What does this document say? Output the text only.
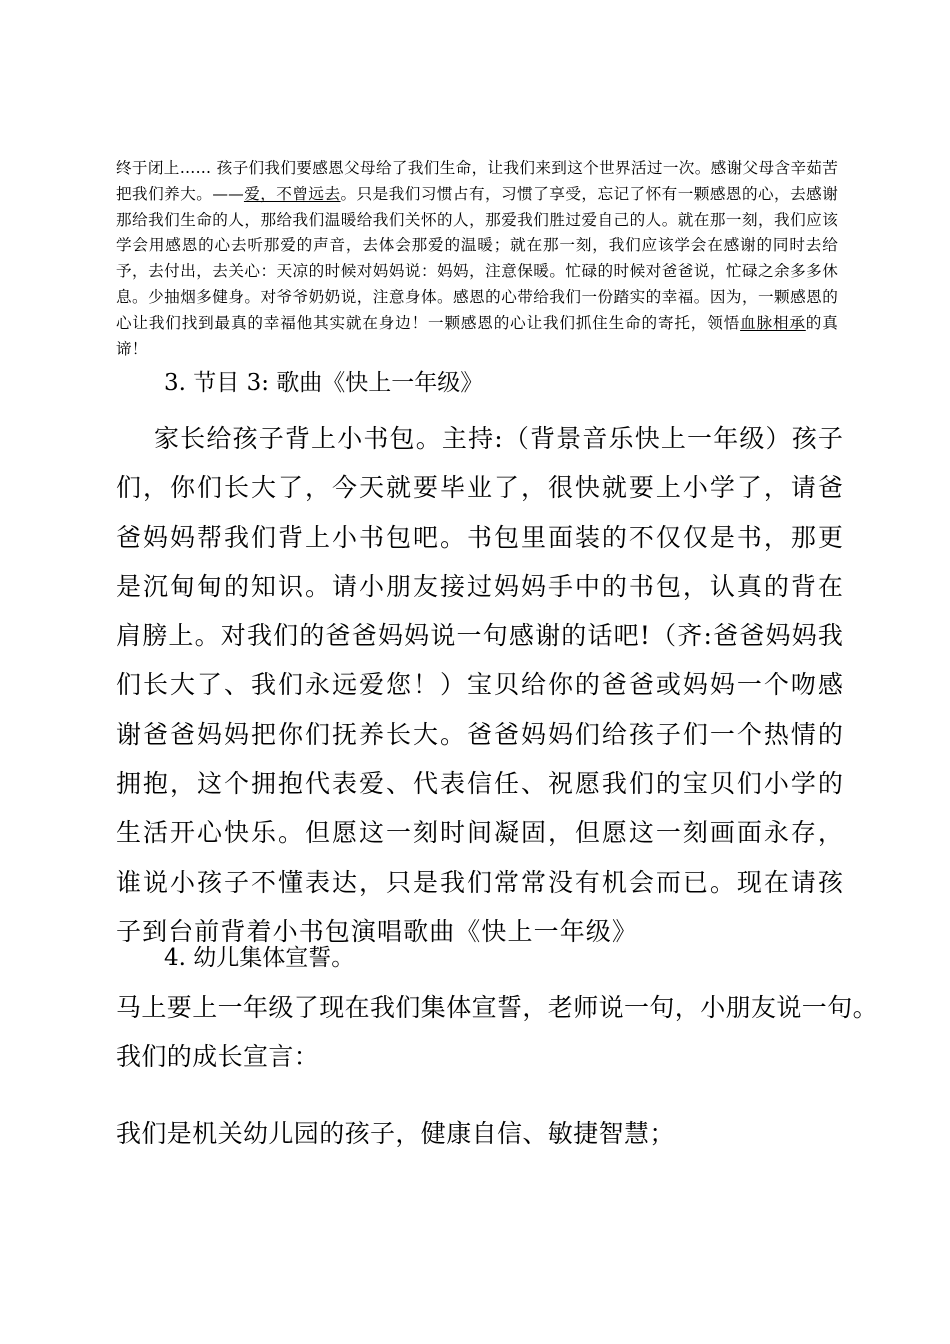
终于闭上…… 孩子们我们要感恩父母给了我们生命，让我们来到这个世界活过一次。感谢父母含辛茹苦把我们养大。——爱，不曾远去。只是我们习惯占有，习惯了享受，忘记了怀有一颗感恩的心，去感谢那给我们生命的人，那给我们温暖给我们关怀的人，那爱我们胜过爱自己的人。就在那一刻，我们应该学会用感恩的心去听那爱的声音，去体会那爱的温暖；就在那一刻，我们应该学会在感谢的同时去给予，去付出，去关心：天凉的时候对妈妈说：妈妈，注意保暖。忙碌的时候对爸爸说，忙碌之余多多休息。少抽烟多健身。对爷爷奶奶说，注意身体。感恩的心带给我们一份踏实的幸福。因为，一颗感恩的心让我们找到最真的幸福他其实就在身边！一颗感恩的心让我们抓住生命的寄托，领悟血脉相承的真谛！

3. 节目 3: 歌曲《快上一年级》

家长给孩子背上小书包。主持:（背景音乐快上一年级）孩子们，你们长大了，今天就要毕业了，很快就要上小学了，请爸爸妈妈帮我们背上小书包吧。书包里面装的不仅仅是书，那更是沉甸甸的知识。请小朋友接过妈妈手中的书包，认真的背在肩膀上。对我们的爸爸妈妈说一句感谢的话吧!（齐:爸爸妈妈我们长大了、我们永远爱您！）宝贝给你的爸爸或妈妈一个吻感谢爸爸妈妈把你们抚养长大。爸爸妈妈们给孩子们一个热情的拥抱，这个拥抱代表爱、代表信任、祝愿我们的宝贝们小学的生活开心快乐。但愿这一刻时间凝固，但愿这一刻画面永存，谁说小孩子不懂表达，只是我们常常没有机会而已。现在请孩子到台前背着小书包演唱歌曲《快上一年级》

4. 幼儿集体宣誓。
马上要上一年级了现在我们集体宣誓，老师说一句，小朋友说一句。
我们的成长宣言：
我们是机关幼儿园的孩子，健康自信、敏捷智慧；
